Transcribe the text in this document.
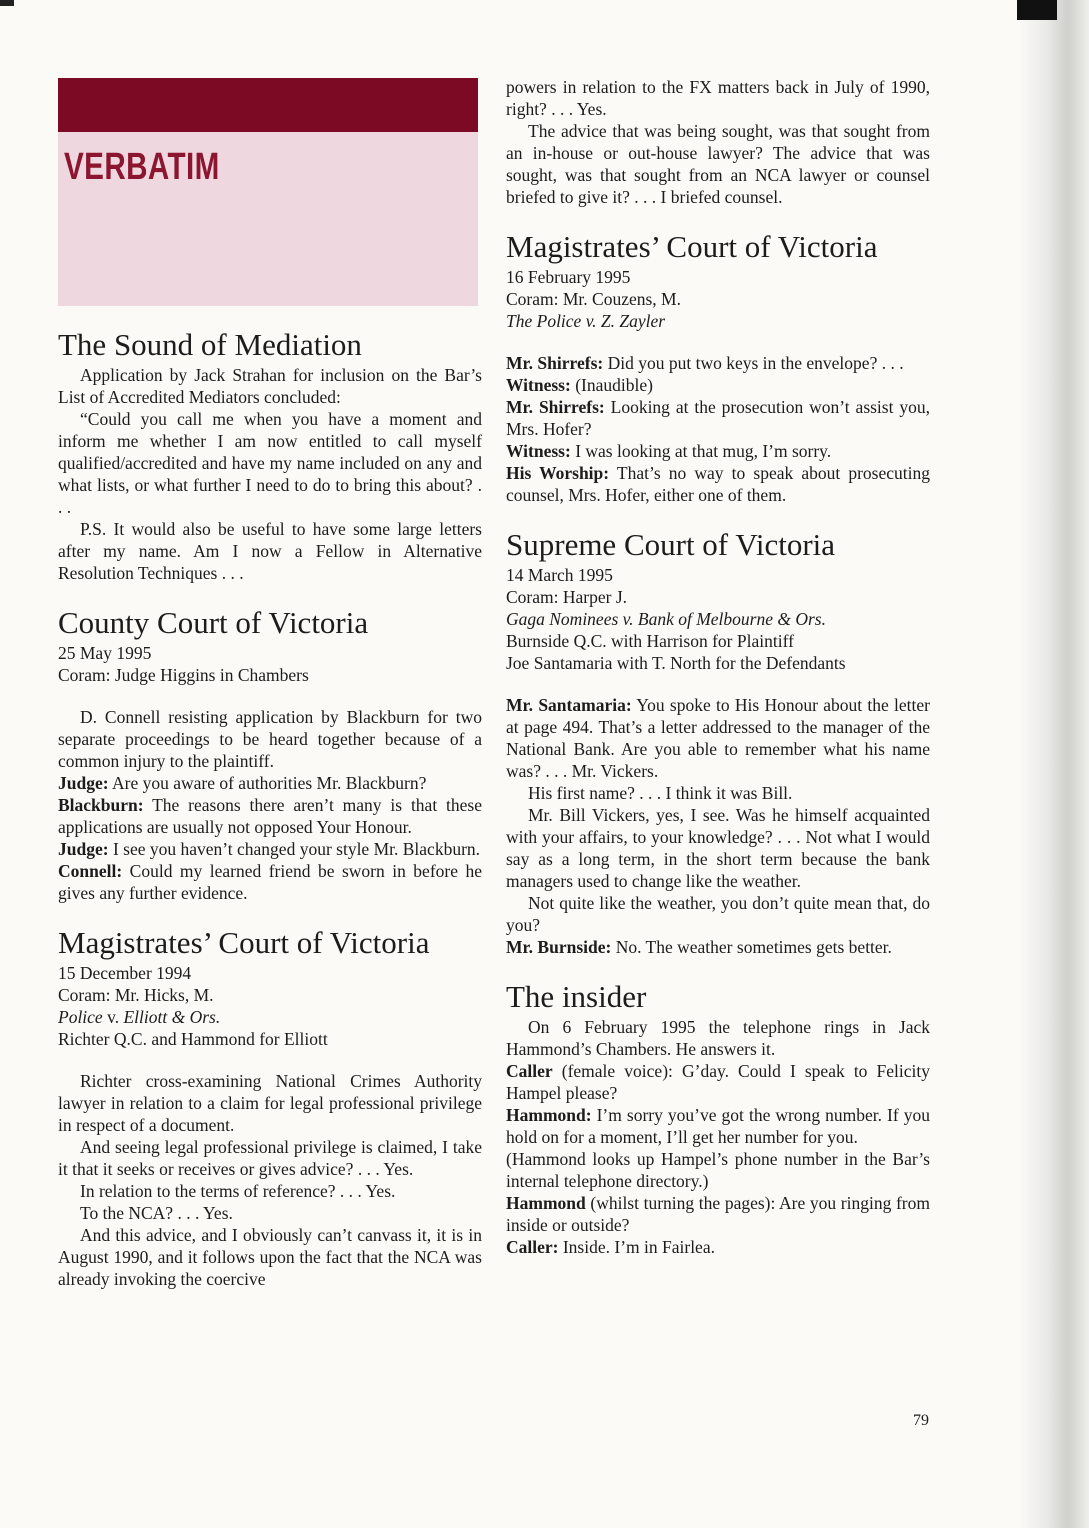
VERBATIM
The Sound of Mediation

Application by Jack Strahan for inclusion on the Bar’s List of Accredited Mediators concluded:

“Could you call me when you have a moment and inform me whether I am now entitled to call myself qualified/accredited and have my name included on any and what lists, or what further I need to do to bring this about? . . .

P.S. It would also be useful to have some large letters after my name. Am I now a Fellow in Alternative Resolution Techniques . . .

County Court of Victoria

25 May 1995

Coram: Judge Higgins in Chambers

D. Connell resisting application by Blackburn for two separate proceedings to be heard together because of a common injury to the plaintiff.

Judge: Are you aware of authorities Mr. Blackburn?

Blackburn: The reasons there aren’t many is that these applications are usually not opposed Your Honour.

Judge: I see you haven’t changed your style Mr. Blackburn.

Connell: Could my learned friend be sworn in before he gives any further evidence.

Magistrates’ Court of Victoria

15 December 1994

Coram: Mr. Hicks, M.

Police v. Elliott & Ors.

Richter Q.C. and Hammond for Elliott

Richter cross-examining National Crimes Authority lawyer in relation to a claim for legal professional privilege in respect of a document.

And seeing legal professional privilege is claimed, I take it that it seeks or receives or gives advice? . . . Yes.

In relation to the terms of reference? . . . Yes.

To the NCA? . . . Yes.

And this advice, and I obviously can’t canvass it, it is in August 1990, and it follows upon the fact that the NCA was already invoking the coercive

powers in relation to the FX matters back in July of 1990, right? . . . Yes.

The advice that was being sought, was that sought from an in-house or out-house lawyer? The advice that was sought, was that sought from an NCA lawyer or counsel briefed to give it? . . . I briefed counsel.

Magistrates’ Court of Victoria

16 February 1995

Coram: Mr. Couzens, M.

The Police v. Z. Zayler

Mr. Shirrefs: Did you put two keys in the envelope? . . .

Witness: (Inaudible)

Mr. Shirrefs: Looking at the prosecution won’t assist you, Mrs. Hofer?

Witness: I was looking at that mug, I’m sorry.

His Worship: That’s no way to speak about prosecuting counsel, Mrs. Hofer, either one of them.

Supreme Court of Victoria

14 March 1995

Coram: Harper J.

Gaga Nominees v. Bank of Melbourne & Ors.

Burnside Q.C. with Harrison for Plaintiff

Joe Santamaria with T. North for the Defendants

Mr. Santamaria: You spoke to His Honour about the letter at page 494. That’s a letter addressed to the manager of the National Bank. Are you able to remember what his name was? . . . Mr. Vickers.

His first name? . . . I think it was Bill.

Mr. Bill Vickers, yes, I see. Was he himself acquainted with your affairs, to your knowledge? . . . Not what I would say as a long term, in the short term because the bank managers used to change like the weather.

Not quite like the weather, you don’t quite mean that, do you?

Mr. Burnside: No. The weather sometimes gets better.

The insider

On 6 February 1995 the telephone rings in Jack Hammond’s Chambers. He answers it.

Caller (female voice): G’day. Could I speak to Felicity Hampel please?

Hammond: I’m sorry you’ve got the wrong number. If you hold on for a moment, I’ll get her number for you.

(Hammond looks up Hampel’s phone number in the Bar’s internal telephone directory.)

Hammond (whilst turning the pages): Are you ringing from inside or outside?

Caller: Inside. I’m in Fairlea.

79
